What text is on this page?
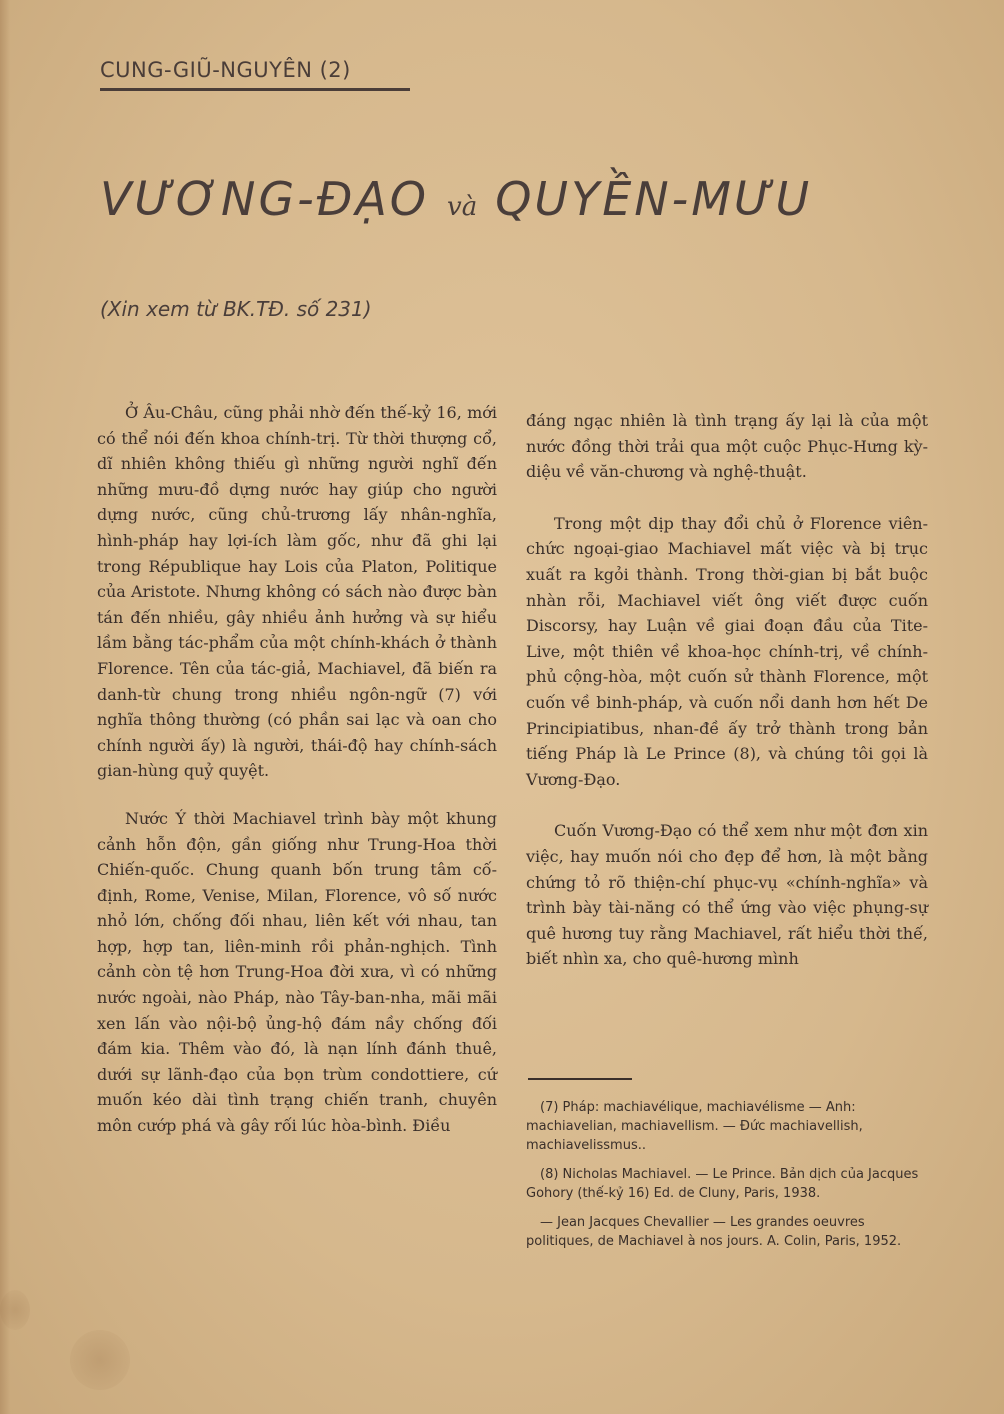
CUNG-GIŨ-NGUYÊN (2)
VƯƠNG-ĐẠO và QUYỀN-MƯU
(Xin xem từ BK.TĐ. số 231)

Ở Âu-Châu, cũng phải nhờ đến thế-kỷ 16, mới có thể nói đến khoa chính-trị. Từ thời thượng cổ, dĩ nhiên không thiếu gì những người nghĩ đến những mưu-đồ dựng nước hay giúp cho người dựng nước, cũng chủ-trương lấy nhân-nghĩa, hình-pháp hay lợi-ích làm gốc, như đã ghi lại trong République hay Lois của Platon, Politique của Aristote. Nhưng không có sách nào được bàn tán đến nhiều, gây nhiều ảnh hưởng và sự hiểu lầm bằng tác-phẩm của một chính-khách ở thành Florence. Tên của tác-giả, Machiavel, đã biến ra danh-từ chung trong nhiều ngôn-ngữ (7) với nghĩa thông thường (có phần sai lạc và oan cho chính người ấy) là người, thái-độ hay chính-sách gian-hùng quỷ quyệt.

Nước Ý thời Machiavel trình bày một khung cảnh hỗn độn, gần giống như Trung-Hoa thời Chiến-quốc. Chung quanh bốn trung tâm cố-định, Rome, Venise, Milan, Florence, vô số nước nhỏ lớn, chống đối nhau, liên kết với nhau, tan hợp, hợp tan, liên-minh rồi phản-nghịch. Tình cảnh còn tệ hơn Trung-Hoa đời xưa, vì có những nước ngoài, nào Pháp, nào Tây-ban-nha, mãi mãi xen lấn vào nội-bộ ủng-hộ đám nầy chống đối đám kia. Thêm vào đó, là nạn lính đánh thuê, dưới sự lãnh-đạo của bọn trùm condottiere, cứ muốn kéo dài tình trạng chiến tranh, chuyên môn cướp phá và gây rối lúc hòa-bình. Điều

đáng ngạc nhiên là tình trạng ấy lại là của một nước đồng thời trải qua một cuộc Phục-Hưng kỳ-diệu về văn-chương và nghệ-thuật.

Trong một dịp thay đổi chủ ở Florence viên-chức ngoại-giao Machiavel mất việc và bị trục xuất ra kgỏi thành. Trong thời-gian bị bắt buộc nhàn rỗi, Machiavel viết ông viết được cuốn Discorsy, hay Luận về giai đoạn đầu của Tite-Live, một thiên về khoa-học chính-trị, về chính-phủ cộng-hòa, một cuốn sử thành Florence, một cuốn về binh-pháp, và cuốn nổi danh hơn hết De Principiatibus, nhan-đề ấy trở thành trong bản tiếng Pháp là Le Prince (8), và chúng tôi gọi là Vương-Đạo.

Cuốn Vương-Đạo có thể xem như một đơn xin việc, hay muốn nói cho đẹp để hơn, là một bằng chứng tỏ rõ thiện-chí phục-vụ «chính-nghĩa» và trình bày tài-năng có thể ứng vào việc phụng-sự quê hương tuy rằng Machiavel, rất hiểu thời thế, biết nhìn xa, cho quê-hương mình

(7) Pháp: machiavélique, machiavélisme — Anh: machiavelian, machiavellism. — Đức machiavellish, machiavelissmus..

(8) Nicholas Machiavel. — Le Prince. Bản dịch của Jacques Gohory (thế-kỷ 16) Ed. de Cluny, Paris, 1938.

— Jean Jacques Chevallier — Les grandes oeuvres politiques, de Machiavel à nos jours. A. Colin, Paris, 1952.
